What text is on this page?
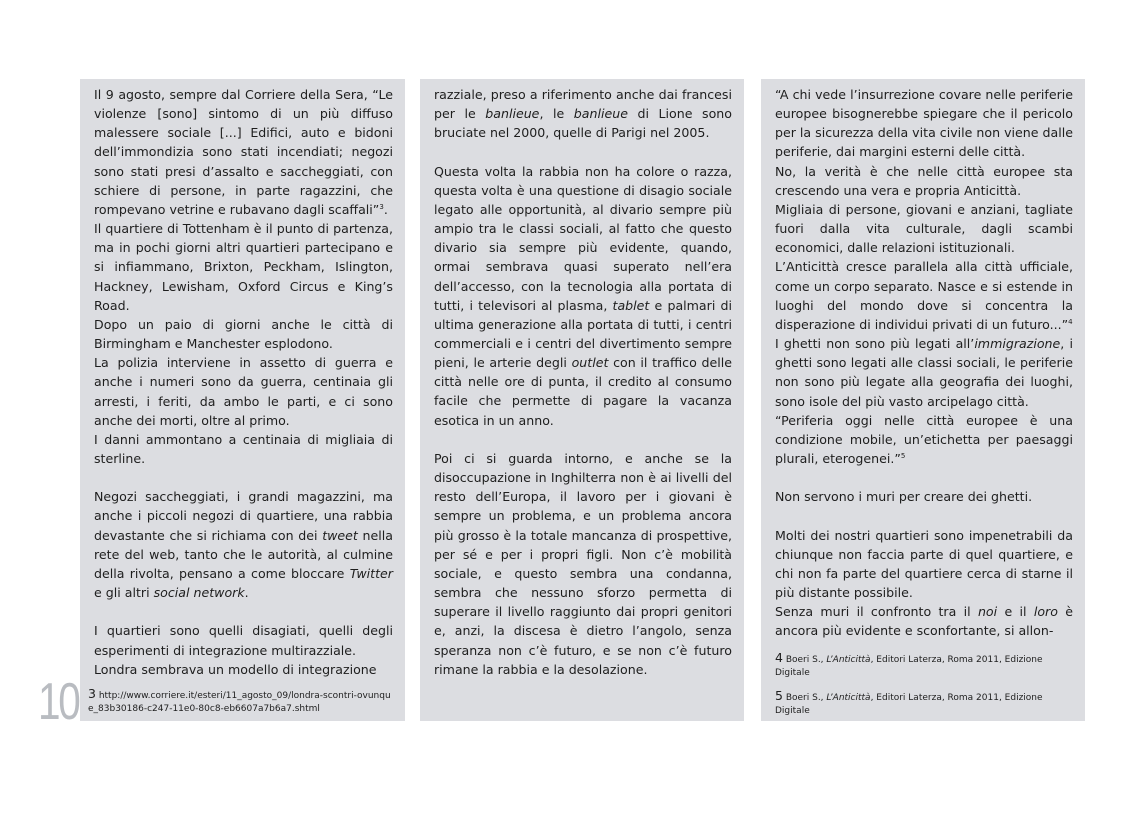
10

Il 9 agosto, sempre dal Corriere della Sera, “Le violenze [sono] sintomo di un più diffuso malessere sociale [...] Edifici, auto e bidoni dell’immondizia sono stati incendiati; negozi sono stati presi d’assalto e saccheggiati, con schiere di persone, in parte ragazzini, che rompevano vetrine e rubavano dagli scaffali”$^3$.

Il quartiere di Tottenham è il punto di partenza, ma in pochi giorni altri quartieri partecipano e si infiammano, Brixton, Peckham, Islington, Hackney, Lewisham, Oxford Circus e King’s Road.

Dopo un paio di giorni anche le città di Birmingham e Manchester esplodono.

La polizia interviene in assetto di guerra e anche i numeri sono da guerra, centinaia gli arresti, i feriti, da ambo le parti, e ci sono anche dei morti, oltre al primo.

I danni ammontano a centinaia di migliaia di sterline.

Negozi saccheggiati, i grandi magazzini, ma anche i piccoli negozi di quartiere, una rabbia devastante che si richiama con dei tweet nella rete del web, tanto che le autorità, al culmine della rivolta, pensano a come bloccare Twitter e gli altri social network.

I quartieri sono quelli disagiati, quelli degli esperimenti di integrazione multirazziale.

Londra sembrava un modello di integrazione

3 http://www.corriere.it/esteri/11_agosto_09/londra-scontri-ovunque_83b30186-c247-11e0-80c8-eb6607a7b6a7.shtml

razziale, preso a riferimento anche dai francesi per le banlieue, le banlieue di Lione sono bruciate nel 2000, quelle di Parigi nel 2005.

Questa volta la rabbia non ha colore o razza, questa volta è una questione di disagio sociale legato alle opportunità, al divario sempre più ampio tra le classi sociali, al fatto che questo divario sia sempre più evidente, quando, ormai sembrava quasi superato nell’era dell’accesso, con la tecnologia alla portata di tutti, i televisori al plasma, tablet e palmari di ultima generazione alla portata di tutti, i centri commerciali e i centri del divertimento sempre pieni, le arterie degli outlet con il traffico delle città nelle ore di punta, il credito al consumo facile che permette di pagare la vacanza esotica in un anno.

Poi ci si guarda intorno, e anche se la disoccupazione in Inghilterra non è ai livelli del resto dell’Europa, il lavoro per i giovani è sempre un problema, e un problema ancora più grosso è la totale mancanza di prospettive, per sé e per i propri figli. Non c’è mobilità sociale, e questo sembra una condanna, sembra che nessuno sforzo permetta di superare il livello raggiunto dai propri genitori e, anzi, la discesa è dietro l’angolo, senza speranza non c’è futuro, e se non c’è futuro rimane la rabbia e la desolazione.

“A chi vede l’insurrezione covare nelle periferie europee bisognerebbe spiegare che il pericolo per la sicurezza della vita civile non viene dalle periferie, dai margini esterni delle città.

No, la verità è che nelle città europee sta crescendo una vera e propria Anticittà.

Migliaia di persone, giovani e anziani, tagliate fuori dalla vita culturale, dagli scambi economici, dalle relazioni istituzionali.

L’Anticittà cresce parallela alla città ufficiale, come un corpo separato. Nasce e si estende in luoghi del mondo dove si concentra la disperazione di individui privati di un futuro...”$^4$

I ghetti non sono più legati all’immigrazione, i ghetti sono legati alle classi sociali, le periferie non sono più legate alla geografia dei luoghi, sono isole del più vasto arcipelago città.

“Periferia oggi nelle città europee è una condizione mobile, un’etichetta per paesaggi plurali, eterogenei.”$^5$

Non servono i muri per creare dei ghetti.

Molti dei nostri quartieri sono impenetrabili da chiunque non faccia parte di quel quartiere, e chi non fa parte del quartiere cerca di starne il più distante possibile.

Senza muri il confronto tra il noi e il loro è ancora più evidente e sconfortante, si allon-

4 Boeri S., L’Anticittà, Editori Laterza, Roma 2011, Edizione Digitale
5 Boeri S., L’Anticittà, Editori Laterza, Roma 2011, Edizione Digitale
